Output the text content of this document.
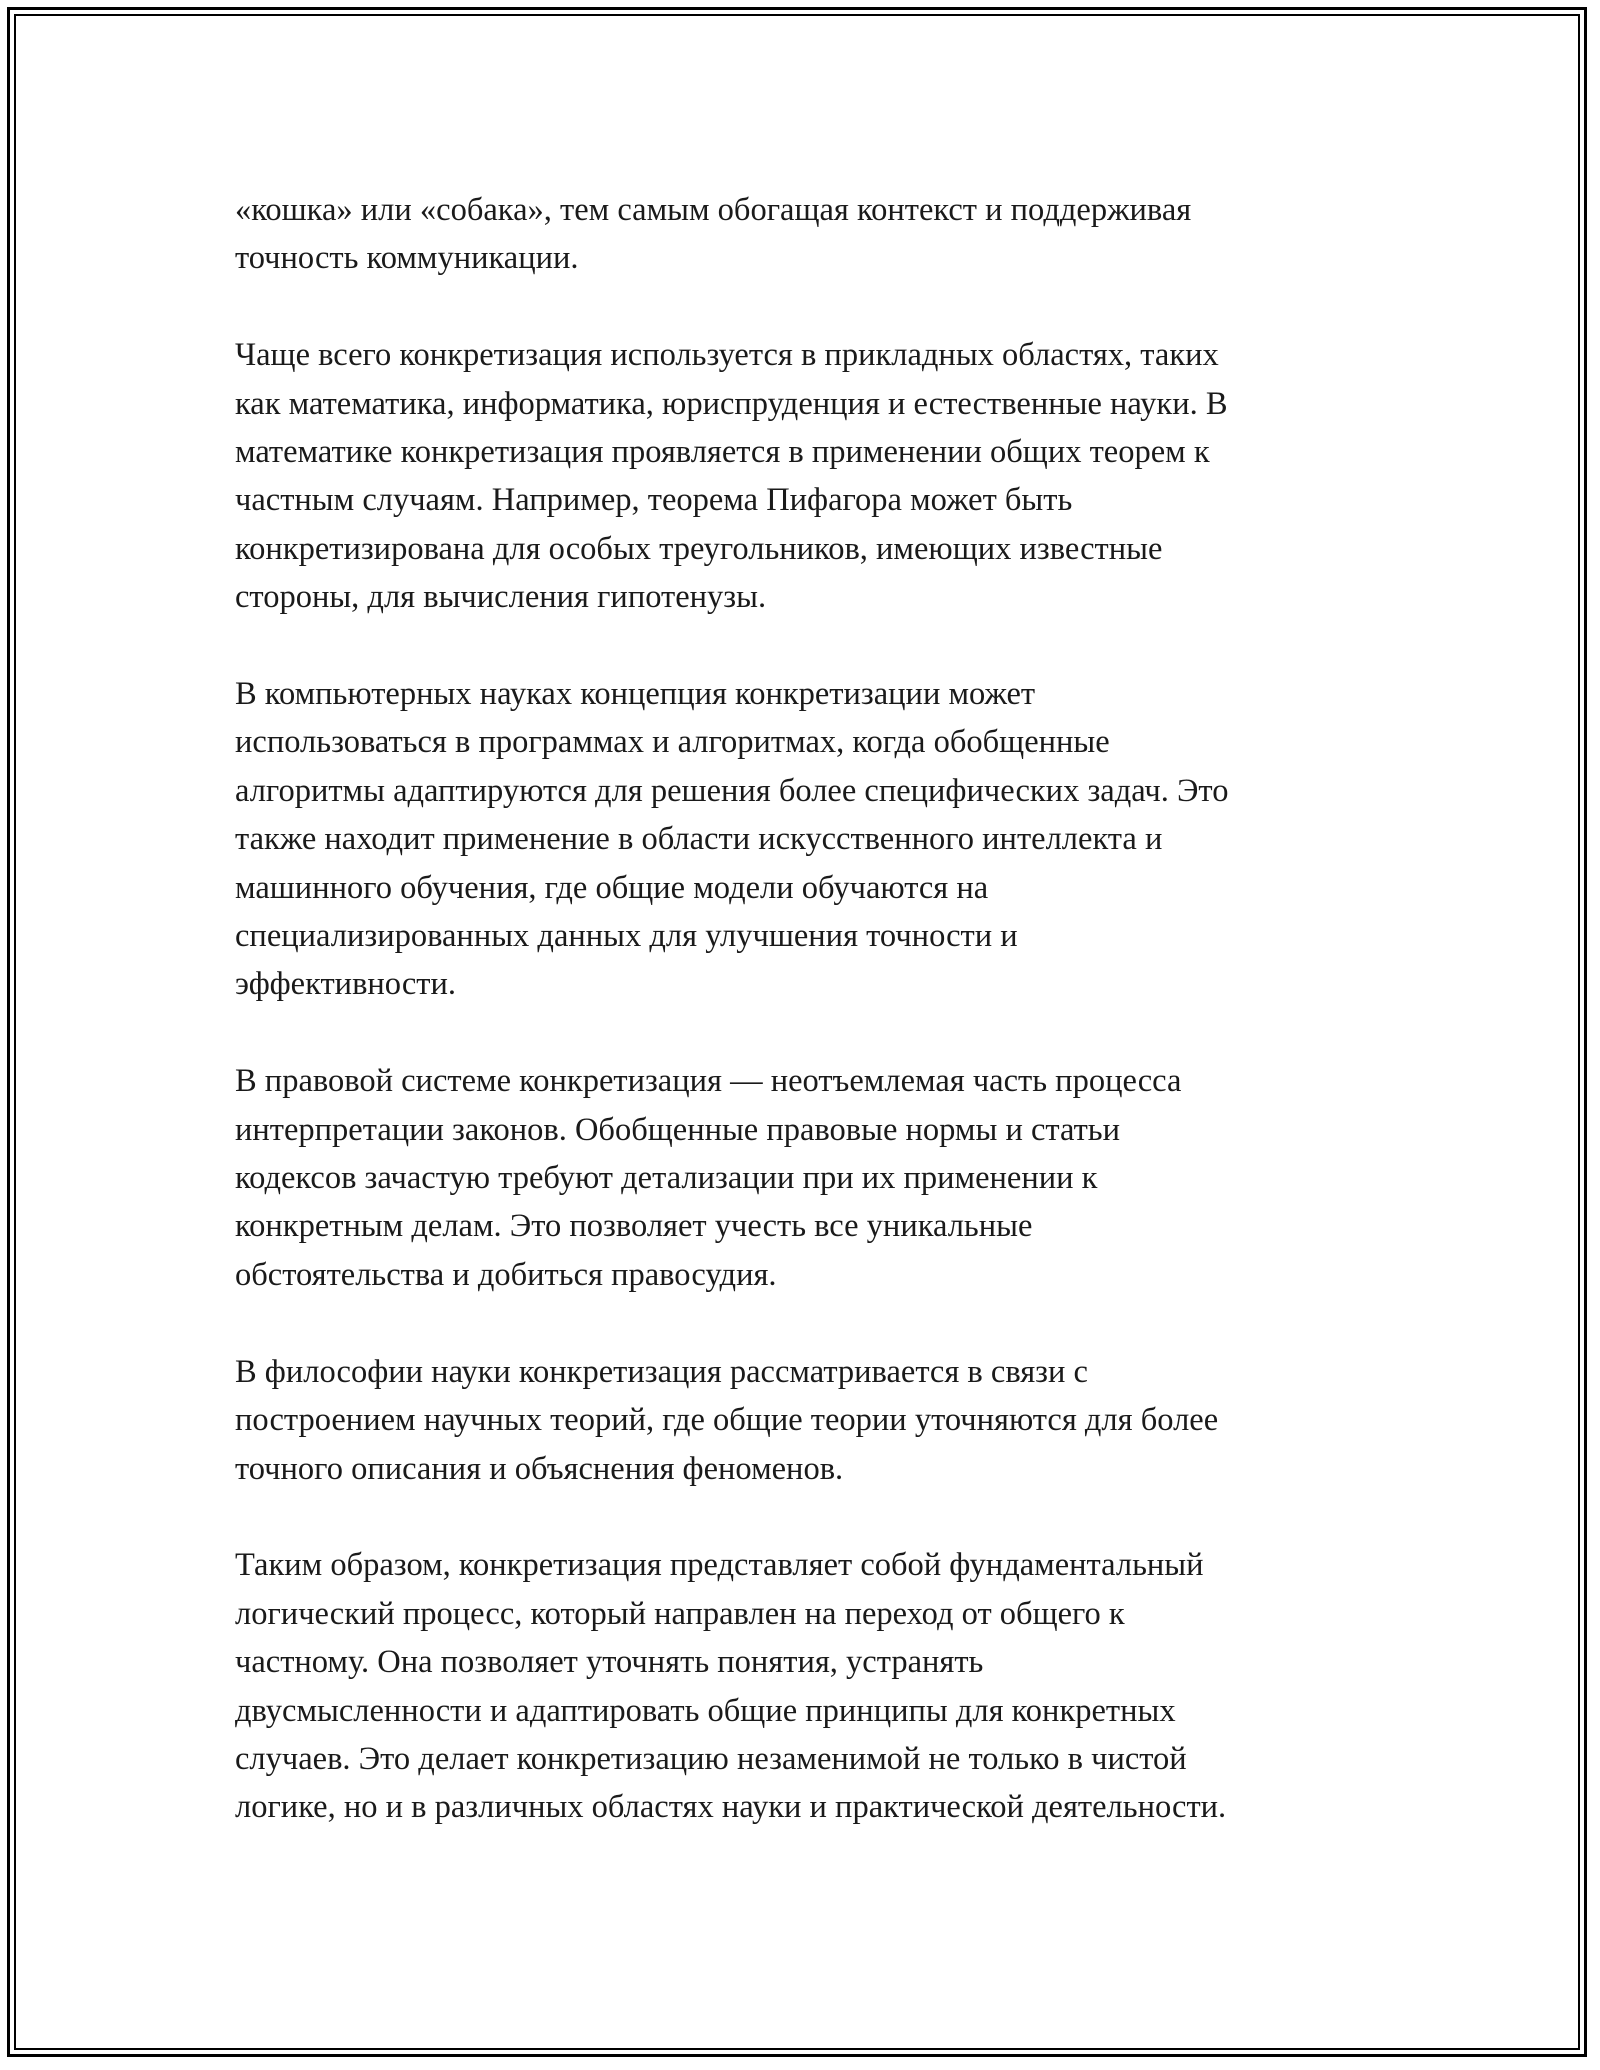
«кошка» или «собака», тем самым обогащая контекст и поддерживая
точность коммуникации.

Чаще всего конкретизация используется в прикладных областях, таких
как математика, информатика, юриспруденция и естественные науки. В
математике конкретизация проявляется в применении общих теорем к
частным случаям. Например, теорема Пифагора может быть
конкретизирована для особых треугольников, имеющих известные
стороны, для вычисления гипотенузы.

В компьютерных науках концепция конкретизации может
использоваться в программах и алгоритмах, когда обобщенные
алгоритмы адаптируются для решения более специфических задач. Это
также находит применение в области искусственного интеллекта и
машинного обучения, где общие модели обучаются на
специализированных данных для улучшения точности и
эффективности.

В правовой системе конкретизация — неотъемлемая часть процесса
интерпретации законов. Обобщенные правовые нормы и статьи
кодексов зачастую требуют детализации при их применении к
конкретным делам. Это позволяет учесть все уникальные
обстоятельства и добиться правосудия.

В философии науки конкретизация рассматривается в связи с
построением научных теорий, где общие теории уточняются для более
точного описания и объяснения феноменов.

Таким образом, конкретизация представляет собой фундаментальный
логический процесс, который направлен на переход от общего к
частному. Она позволяет уточнять понятия, устранять
двусмысленности и адаптировать общие принципы для конкретных
случаев. Это делает конкретизацию незаменимой не только в чистой
логике, но и в различных областях науки и практической деятельности.
